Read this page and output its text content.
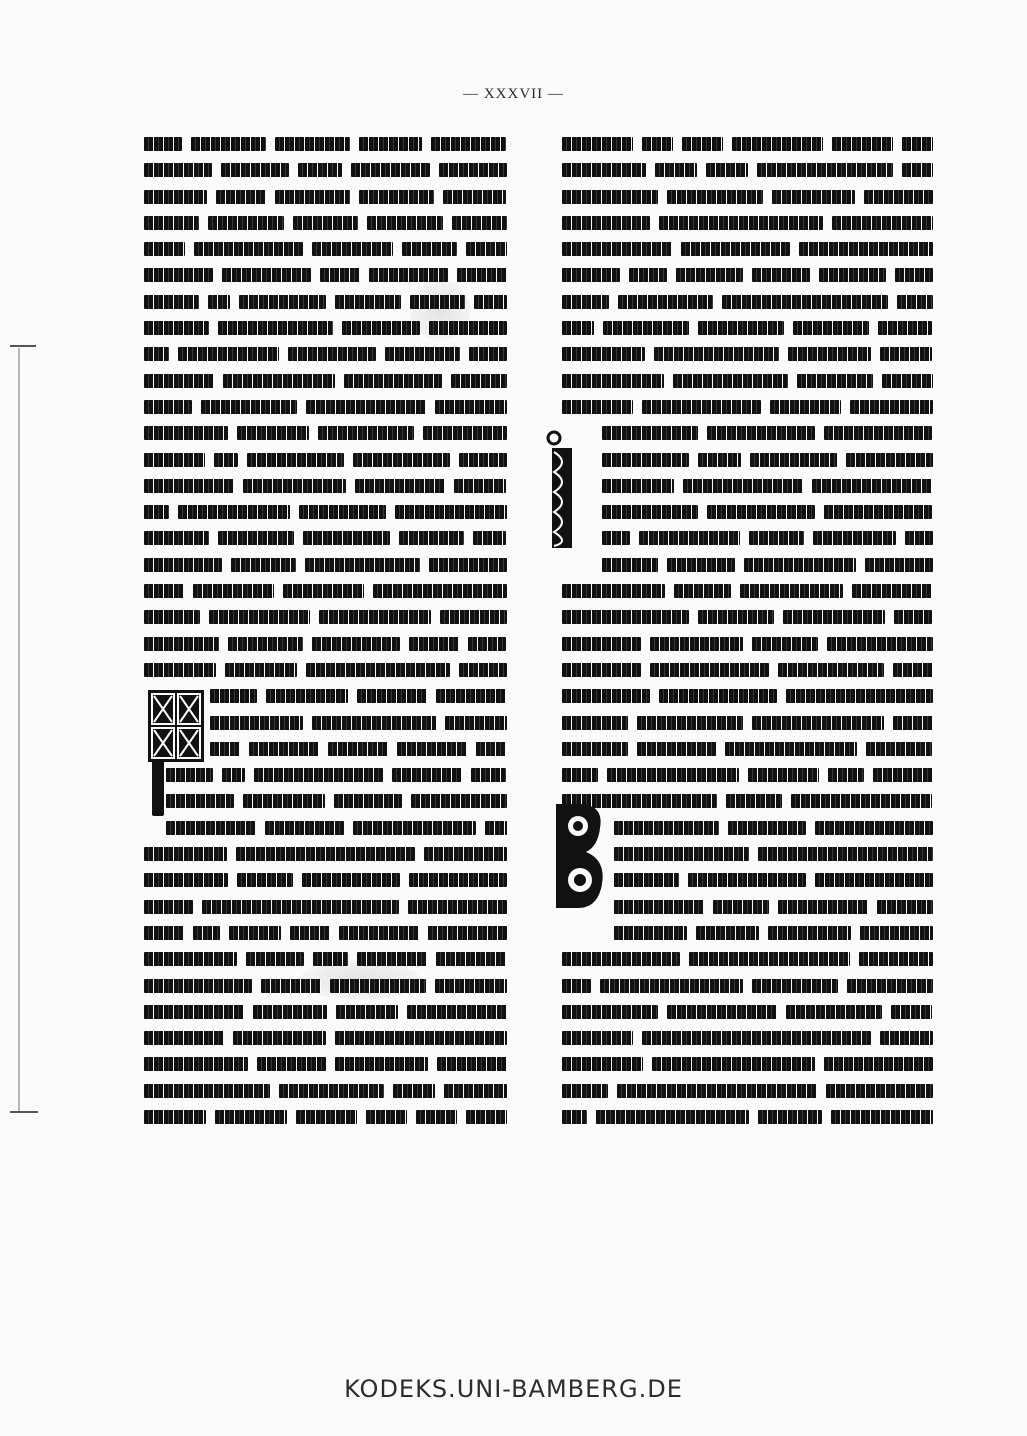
— XXXVII —
KODEKS.UNI-BAMBERG.DE
